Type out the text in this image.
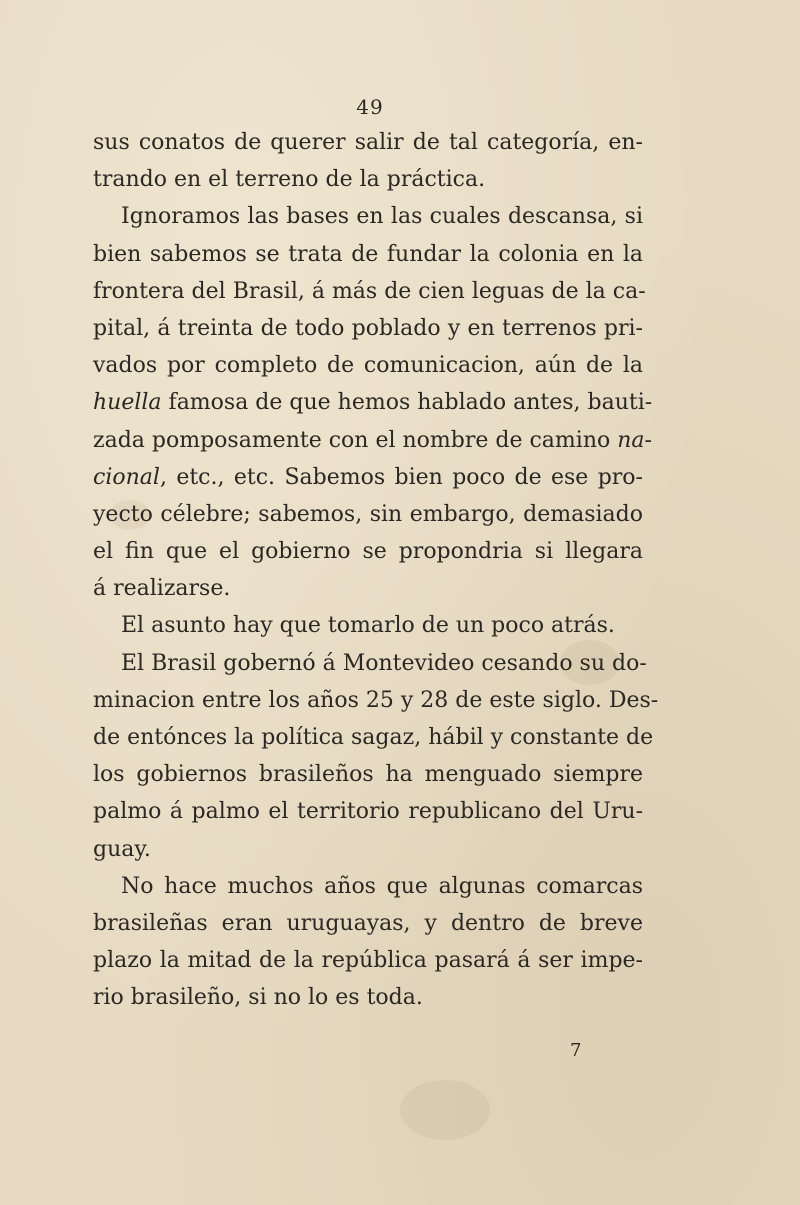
49
sus conatos de querer salir de tal categoría, en-
trando en el terreno de la práctica.
Ignoramos las bases en las cuales descansa, si
bien sabemos se trata de fundar la colonia en la
frontera del Brasil, á más de cien leguas de la ca-
pital, á treinta de todo poblado y en terrenos pri-
vados por completo de comunicacion, aún de la
huella famosa de que hemos hablado antes, bauti-
zada pomposamente con el nombre de camino na-
cional, etc., etc. Sabemos bien poco de ese pro-
yecto célebre; sabemos, sin embargo, demasiado
el fin que el gobierno se propondria si llegara
á realizarse.
El asunto hay que tomarlo de un poco atrás.
El Brasil gobernó á Montevideo cesando su do-
minacion entre los años 25 y 28 de este siglo. Des-
de entónces la política sagaz, hábil y constante de
los gobiernos brasileños ha menguado siempre
palmo á palmo el territorio republicano del Uru-
guay.
No hace muchos años que algunas comarcas
brasileñas eran uruguayas, y dentro de breve
plazo la mitad de la república pasará á ser impe-
rio brasileño, si no lo es toda.
7
